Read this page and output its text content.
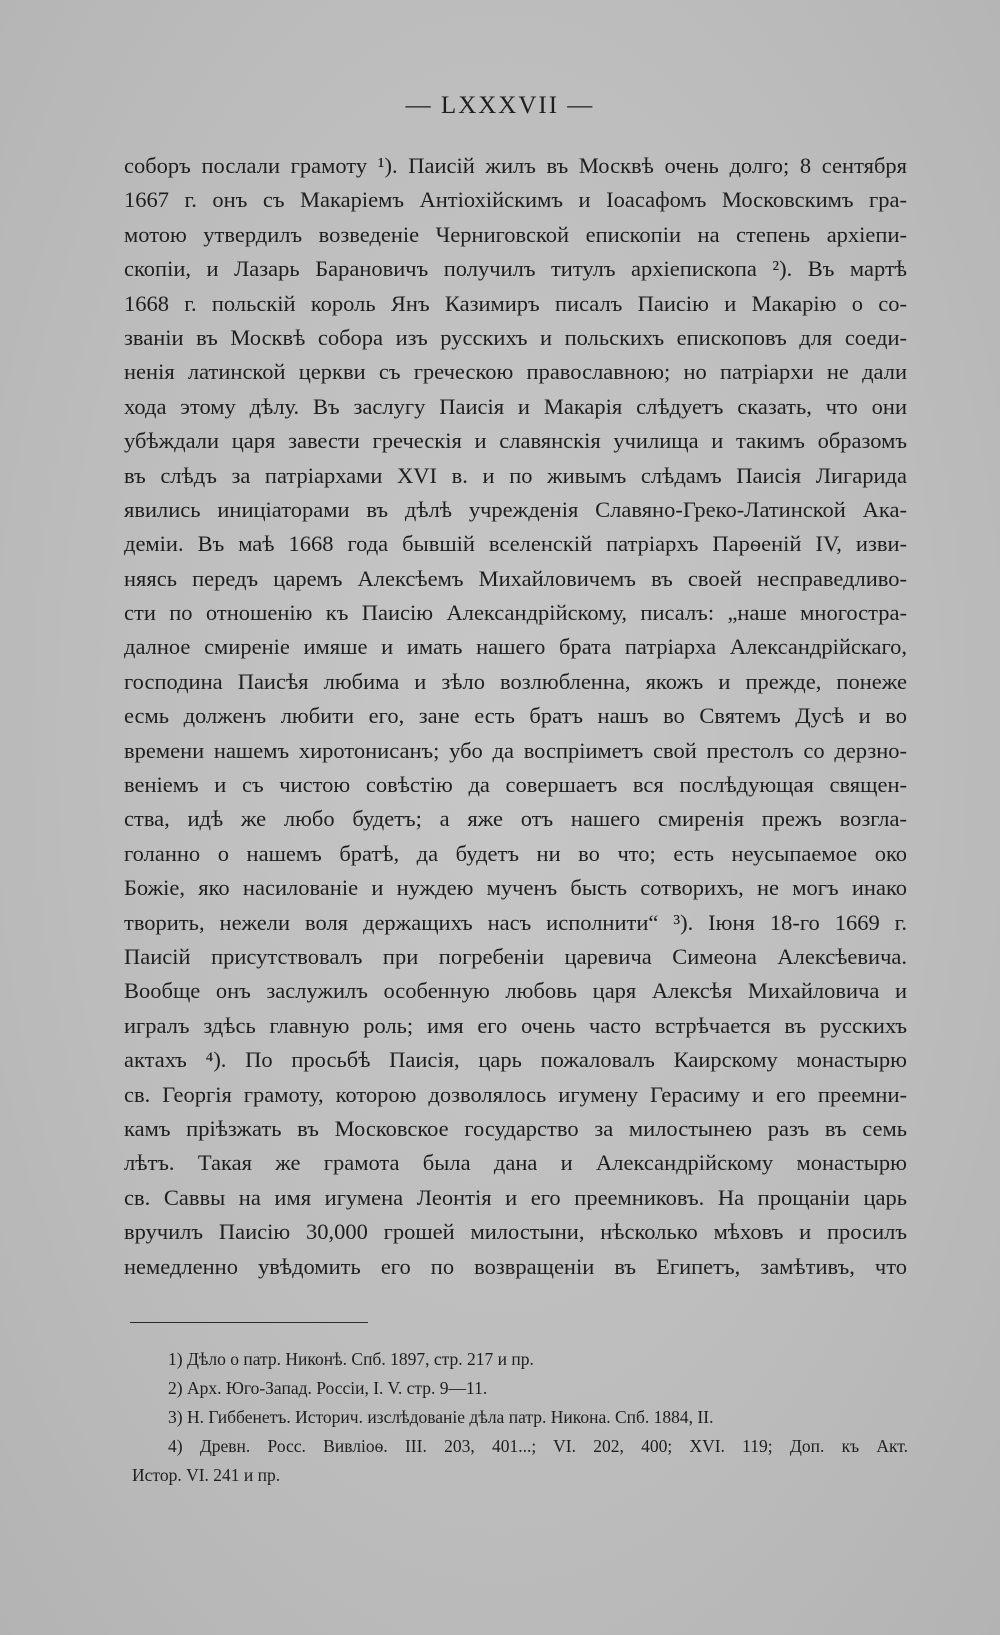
— LXXXVII —
соборъ послали грамоту ¹). Паисій жилъ въ Москвѣ очень долго; 8 сентября
1667 г. онъ съ Макаріемъ Антіохійскимъ и Іоасафомъ Московскимъ гра-
мотою утвердилъ возведеніе Черниговской епископіи на степень архіепи-
скопіи, и Лазарь Барановичъ получилъ титулъ архіепископа ²). Въ мартѣ
1668 г. польскій король Янъ Казимиръ писалъ Паисію и Макарію о со-
званіи въ Москвѣ собора изъ русскихъ и польскихъ епископовъ для соеди-
ненія латинской церкви съ греческою православною; но патріархи не дали
хода этому дѣлу. Въ заслугу Паисія и Макарія слѣдуетъ сказать, что они
убѣждали царя завести греческія и славянскія училища и такимъ образомъ
въ слѣдъ за патріархами XVI в. и по живымъ слѣдамъ Паисія Лигарида
явились иниціаторами въ дѣлѣ учрежденія Славяно-Греко-Латинской Ака-
деміи. Въ маѣ 1668 года бывшій вселенскій патріархъ Парѳеній IV, изви-
няясь передъ царемъ Алексѣемъ Михайловичемъ въ своей несправедливо-
сти по отношенію къ Паисію Александрійскому, писалъ: „наше многостра-
далное смиреніе имяше и имать нашего брата патріарха Александрійскаго,
господина Паисѣя любима и зѣло возлюбленна, якожъ и прежде, понеже
есмь долженъ любити его, зане есть братъ нашъ во Святемъ Дусѣ и во
времени нашемъ хиротонисанъ; убо да воспріиметъ свой престолъ со дерзно-
веніемъ и съ чистою совѣстію да совершаетъ вся послѣдующая священ-
ства, идѣ же любо будетъ; а яже отъ нашего смиренія прежъ возгла-
голанно о нашемъ братѣ, да будетъ ни во что; есть неусыпаемое око
Божіе, яко насилованіе и нуждею мученъ бысть сотворихъ, не могъ инако
творить, нежели воля держащихъ насъ исполнити“ ³). Іюня 18-го 1669 г.
Паисій присутствовалъ при погребеніи царевича Симеона Алексѣевича.
Вообще онъ заслужилъ особенную любовь царя Алексѣя Михайловича и
игралъ здѣсь главную роль; имя его очень часто встрѣчается въ русскихъ
актахъ ⁴). По просьбѣ Паисія, царь пожаловалъ Каирскому монастырю
св. Георгія грамоту, которою дозволялось игумену Герасиму и его преемни-
камъ пріѣзжать въ Московское государство за милостынею разъ въ семь
лѣтъ. Такая же грамота была дана и Александрійскому монастырю
св. Саввы на имя игумена Леонтія и его преемниковъ. На прощаніи царь
вручилъ Паисію 30,000 грошей милостыни, нѣсколько мѣховъ и просилъ
немедленно увѣдомить его по возвращеніи въ Египетъ, замѣтивъ, что
1) Дѣло о патр. Никонѣ. Спб. 1897, стр. 217 и пр.
2) Арх. Юго-Запад. Россіи, I. V. стр. 9—11.
3) Н. Гиббенетъ. Историч. изслѣдованіе дѣла патр. Никона. Спб. 1884, II.
4) Древн. Росс. Вивліоѳ. III. 203, 401...; VI. 202, 400; XVI. 119; Доп. къ Акт.
Истор. VI. 241 и пр.
